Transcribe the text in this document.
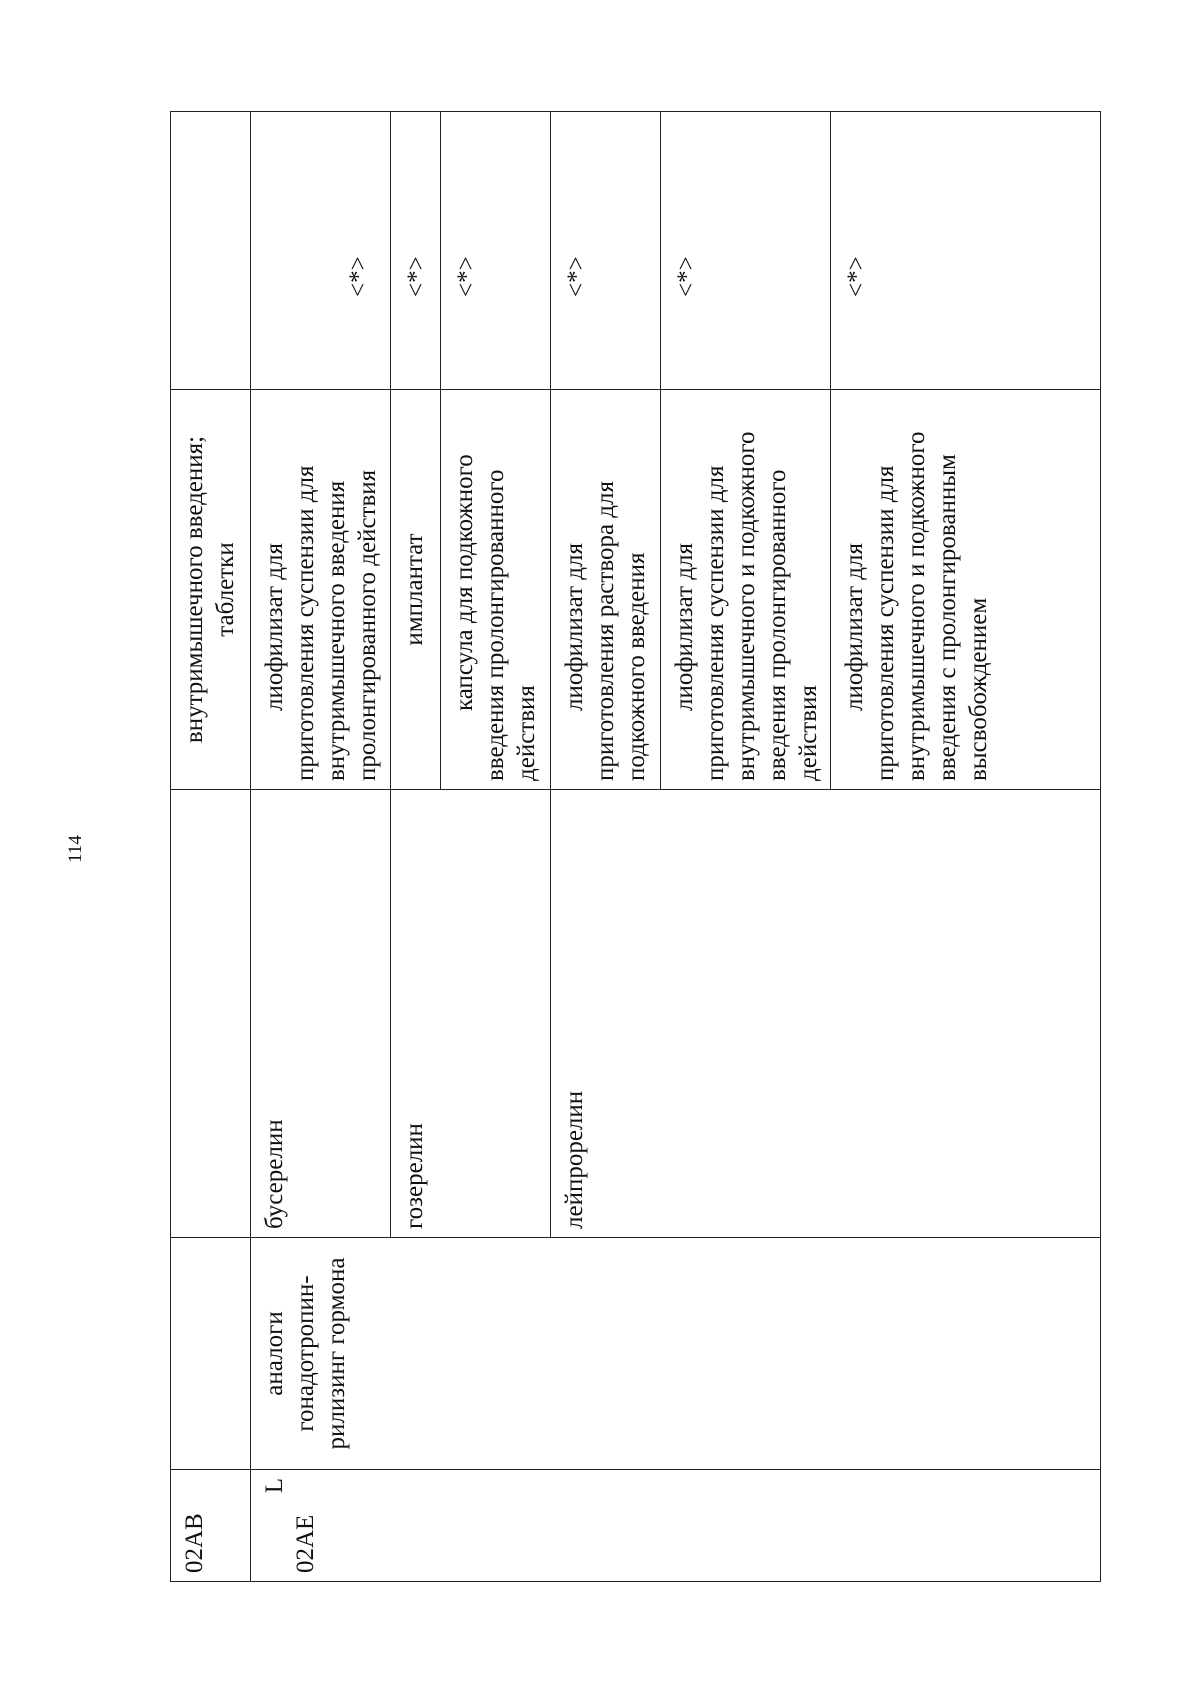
114
02АВ			внутримышечного введения; таблетки	

L
02АЕ	аналоги гонадотропин-рилизинг гормона	бусерелин	лиофилизат для приготовления суспензии для внутримышечного введения пролонгированного действия	<*>
		гозерелин	имплантат	<*>
			капсула для подкожного введения пролонгированного действия	<*>
		лейпрорелин	лиофилизат для приготовления раствора для подкожного введения	<*>
			лиофилизат для приготовления суспензии для внутримышечного и подкожного введения пролонгированного действия	<*>
			лиофилизат для приготовления суспензии для внутримышечного и подкожного введения с пролонгированным высвобождением	<*>
